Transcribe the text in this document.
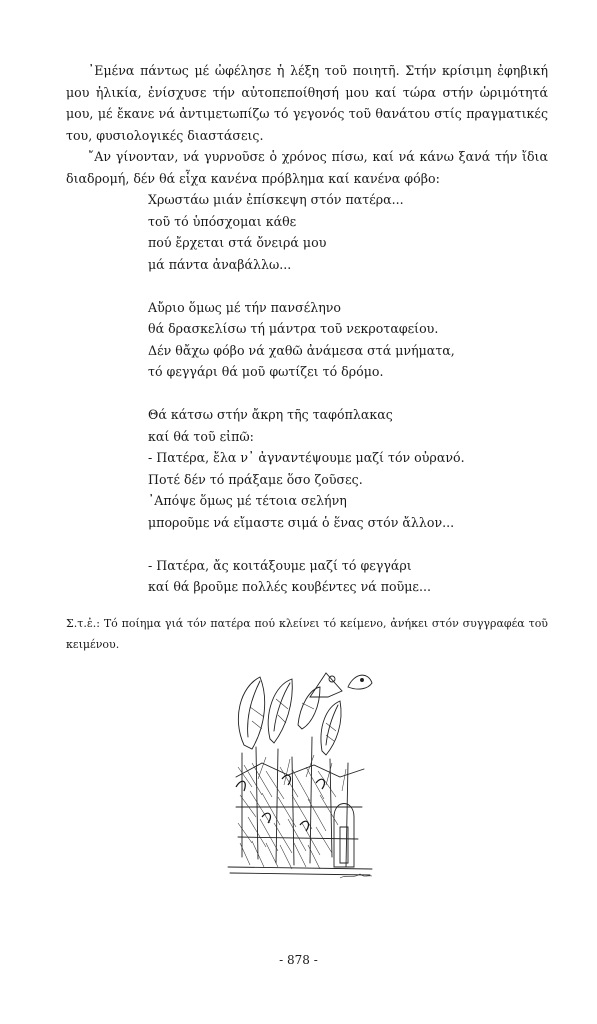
᾽Εμένα πάντως μέ ὠφέλησε ἡ λέξη τοῦ ποιητῆ. Στήν κρίσιμη ἐφηβική μου ἡλικία, ἐνίσχυσε τήν αὐτοπεποίθησή μου καί τώρα στήν ὡριμότητά μου, μέ ἔκανε νά ἀντιμετωπίζω τό γεγονός τοῦ θανάτου στίς πραγματικές του, φυσιολογικές διαστάσεις.

῎Αν γίνονταν, νά γυρνοῦσε ὁ χρόνος πίσω, καί νά κάνω ξανά τήν ἴδια διαδρομή, δέν θά εἶχα κανένα πρόβλημα καί κανένα φόβο:

Χρωστάω μιάν ἐπίσκεψη στόν πατέρα...
τοῦ τό ὑπόσχομαι κάθε
πού ἔρχεται στά ὄνειρά μου
μά πάντα ἀναβάλλω...
Αὔριο ὅμως μέ τήν πανσέληνο
θά δρασκελίσω τή μάντρα τοῦ νεκροταφείου.
Δέν θἄχω φόβο νά χαθῶ ἀνάμεσα στά μνήματα,
τό φεγγάρι θά μοῦ φωτίζει τό δρόμο.
Θά κάτσω στήν ἄκρη τῆς ταφόπλακας
καί θά τοῦ εἰπῶ:
- Πατέρα, ἔλα ν᾽ ἀγναντέψουμε μαζί τόν οὐρανό.
Ποτέ δέν τό πράξαμε ὅσο ζοῦσες.
᾽Απόψε ὅμως μέ τέτοια σελήνη
μποροῦμε νά εἴμαστε σιμά ὁ ἕνας στόν ἄλλον...
- Πατέρα, ἄς κοιτάξουμε μαζί τό φεγγάρι
καί θά βροῦμε πολλές κουβέντες νά ποῦμε...

Σ.τ.ἐ.: Τό ποίημα γιά τόν πατέρα πού κλείνει τό κείμενο, ἀνήκει στόν συγγραφέα τοῦ κειμένου.

- 878 -
